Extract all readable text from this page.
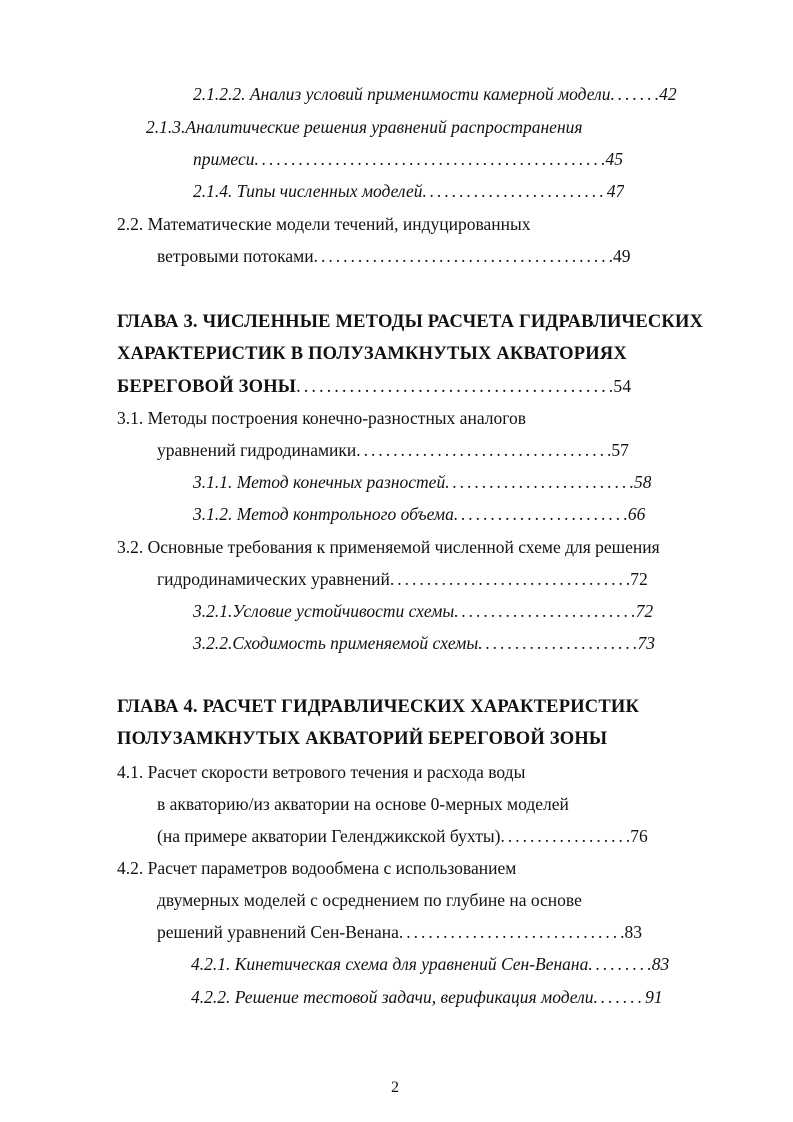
2.1.2.2. Анализ условий применимости камерной модели.......42
2.1.3.Аналитические решения уравнений распространения
примеси................................................45
2.1.4. Типы численных моделей.........................47
2.2. Математические модели течений, индуцированных
ветровыми потоками.........................................49
ГЛАВА 3. ЧИСЛЕННЫЕ МЕТОДЫ РАСЧЕТА ГИДРАВЛИЧЕСКИХ
ХАРАКТЕРИСТИК В ПОЛУЗАМКНУТЫХ АКВАТОРИЯХ
БЕРЕГОВОЙ ЗОНЫ..........................................54
3.1. Методы построения конечно-разностных аналогов
уравнений гидродинамики...................................57
3.1.1. Метод конечных разностей..........................58
3.1.2. Метод контрольного объема........................66
3.2. Основные требования к применяемой численной схеме для решения
гидродинамических уравнений.................................72
3.2.1.Условие устойчивости схемы.........................72
3.2.2.Сходимость применяемой схемы......................73
ГЛАВА 4. РАСЧЕТ ГИДРАВЛИЧЕСКИХ ХАРАКТЕРИСТИК
ПОЛУЗАМКНУТЫХ АКВАТОРИЙ БЕРЕГОВОЙ ЗОНЫ
4.1. Расчет скорости ветрового течения и расхода воды
в акваторию/из акватории на основе 0-мерных моделей
(на примере акватории Геленджикской бухты)..................76
4.2. Расчет параметров водообмена с использованием
двумерных моделей с осреднением по глубине на основе
решений уравнений Сен-Венана...............................83
4.2.1. Кинетическая схема для уравнений Сен-Венана.........83
4.2.2. Решение тестовой задачи, верификация модели.......91
2
